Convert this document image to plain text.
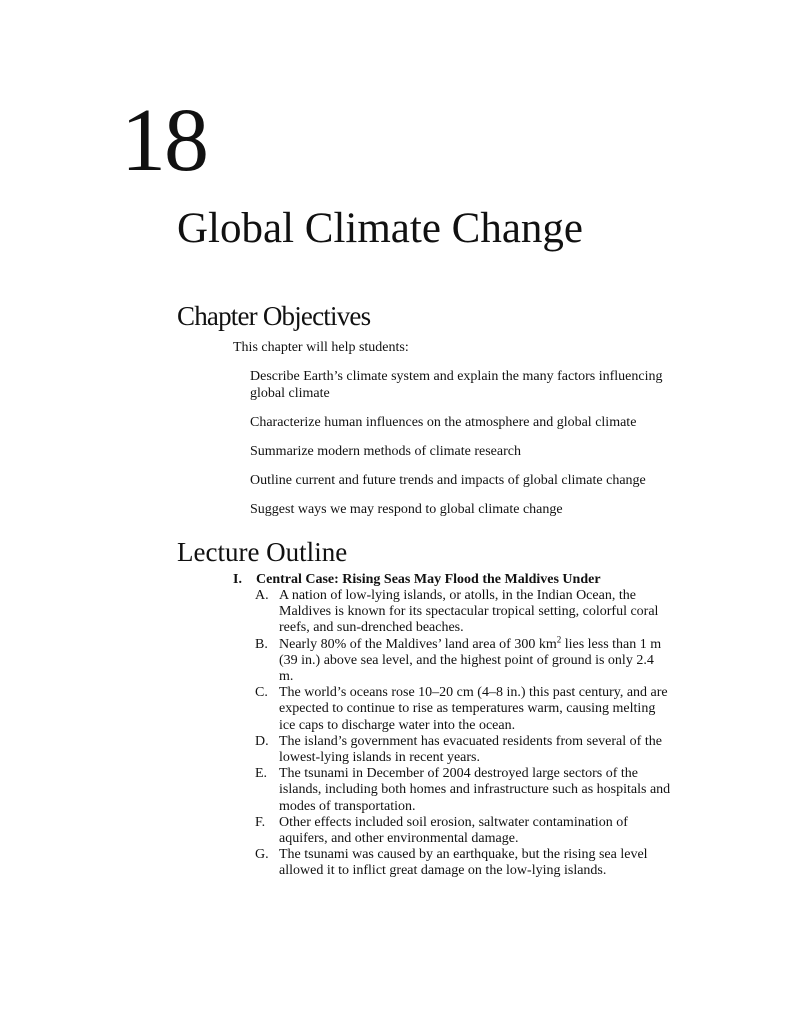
18
Global Climate Change
Chapter Objectives

This chapter will help students:

Describe Earth’s climate system and explain the many factors influencing global climate
Characterize human influences on the atmosphere and global climate
Summarize modern methods of climate research
Outline current and future trends and impacts of global climate change
Suggest ways we may respond to global climate change
Lecture Outline
I.	Central Case: Rising Seas May Flood the Maldives Under
A. A nation of low-lying islands, or atolls, in the Indian Ocean, the Maldives is known for its spectacular tropical setting, colorful coral reefs, and sun-drenched beaches.
B. Nearly 80% of the Maldives’ land area of 300 $km^2$ lies less than 1 m (39 in.) above sea level, and the highest point of ground is only 2.4 m.
C. The world’s oceans rose 10–20 cm (4–8 in.) this past century, and are expected to continue to rise as temperatures warm, causing melting ice caps to discharge water into the ocean.
D. The island’s government has evacuated residents from several of the lowest-lying islands in recent years.
E. The tsunami in December of 2004 destroyed large sectors of the islands, including both homes and infrastructure such as hospitals and modes of transportation.
F. Other effects included soil erosion, saltwater contamination of aquifers, and other environmental damage.
G. The tsunami was caused by an earthquake, but the rising sea level allowed it to inflict great damage on the low-lying islands.
